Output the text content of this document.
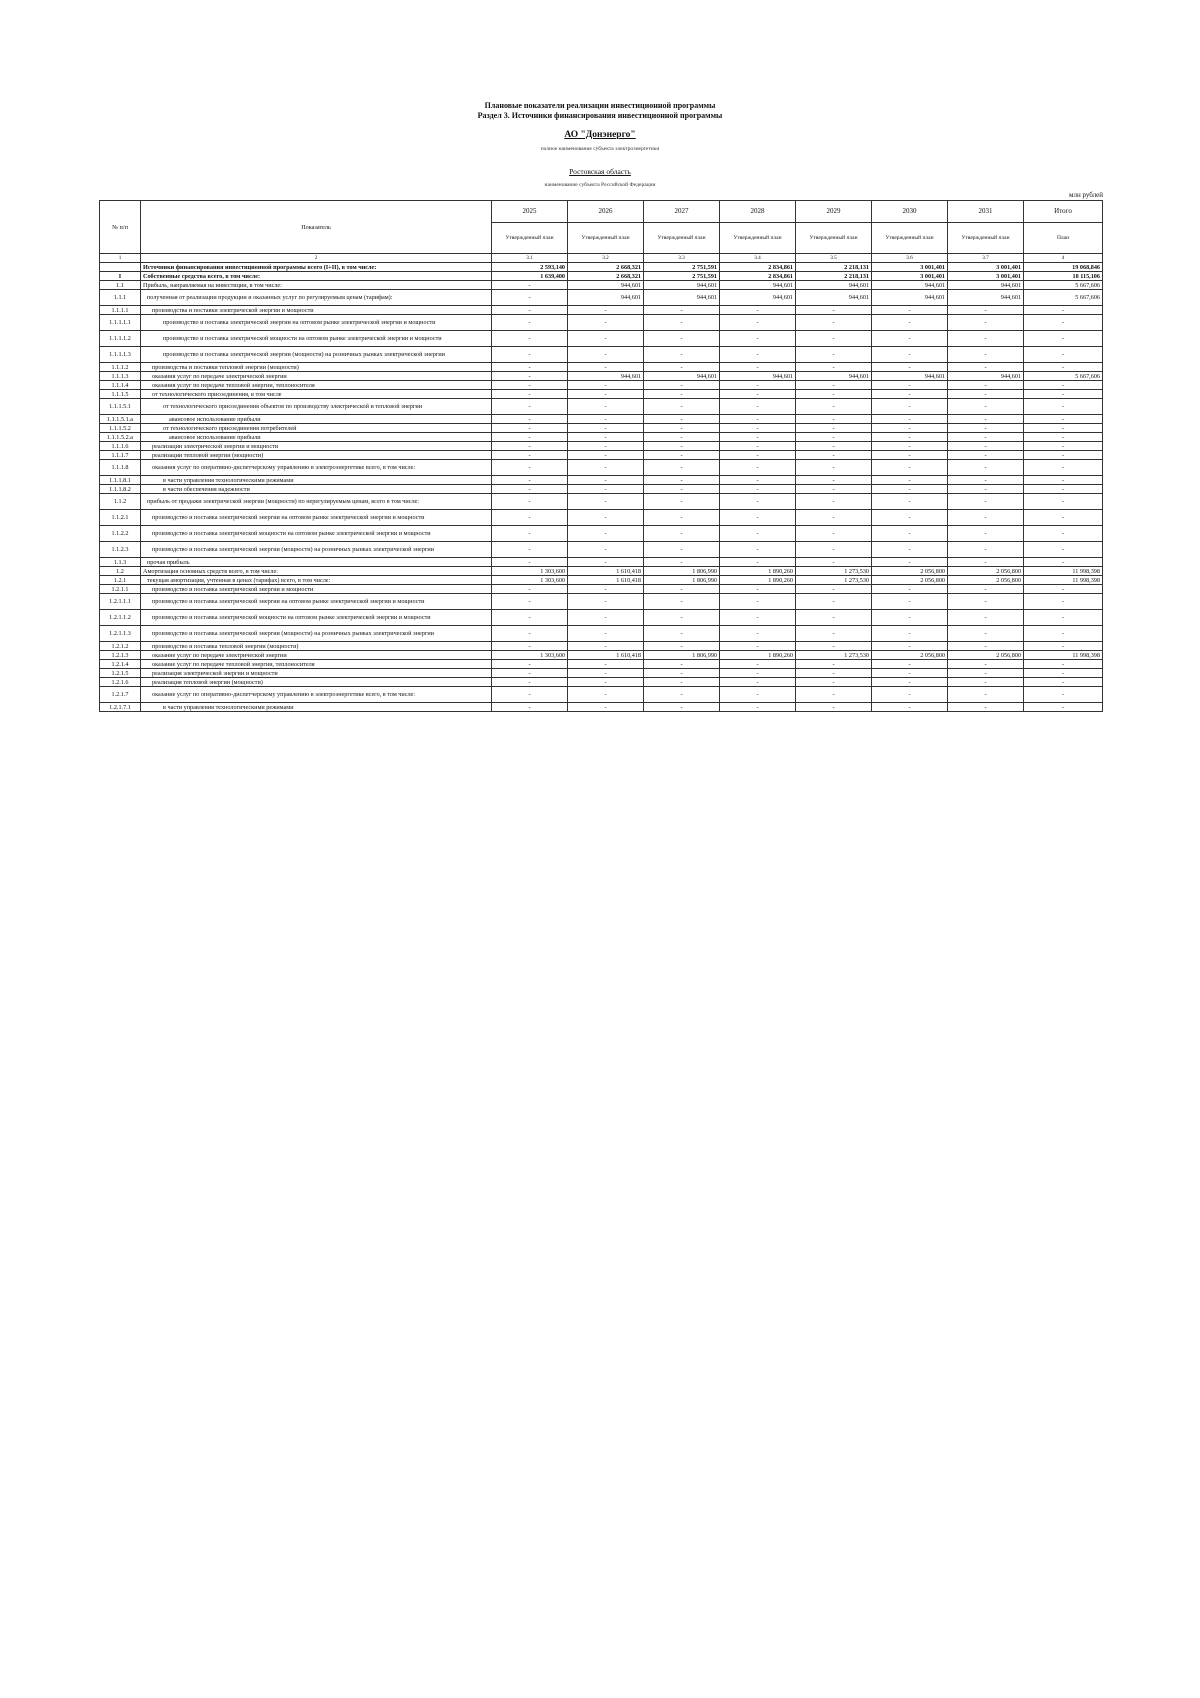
Плановые показатели реализации инвестиционной программы
Раздел 3. Источники финансирования инвестиционной программы
АО "Донэнерго"
полное наименование субъекта электроэнергетики
Ростовская область
наименование субъекта Российской Федерации
млн рублей
№ п/п	Показатель	2025	2026	2027	2028	2029	2030	2031	Итого
		Утвержденный план	Утвержденный план	Утвержденный план	Утвержденный план	Утвержденный план	Утвержденный план	Утвержденный план	План
1	2	3.1	3.2	3.3	3.4	3.5	3.6	3.7	4
	Источники финансирования инвестиционной программы всего (I+II), в том числе:	2 593,140	2 668,321	2 751,591	2 834,861	2 218,131	3 001,401	3 001,401	19 068,846
I	Собственные средства всего, в том числе:	1 639,400	2 668,321	2 751,591	2 834,861	2 218,131	3 001,401	3 001,401	18 115,106
1.1	Прибыль, направляемая на инвестиции, в том числе:	-	944,601	944,601	944,601	944,601	944,601	944,601	5 667,606
1.1.1	полученная от реализации продукции и оказанных услуг по регулируемым ценам (тарифам):	-	944,601	944,601	944,601	944,601	944,601	944,601	5 667,606
1.1.1.1	производства и поставки электрической энергии и мощности	-	-	-	-	-	-	-	-
1.1.1.1.1	производство и поставка электрической энергии на оптовом рынке электрической энергии и мощности	-	-	-	-	-	-	-	-
1.1.1.1.2	производство и поставка электрической мощности на оптовом рынке электрической энергии и мощности	-	-	-	-	-	-	-	-
1.1.1.1.3	производство и поставка электрической энергии (мощности) на розничных рынках электрической энергии	-	-	-	-	-	-	-	-
1.1.1.2	производства и поставки тепловой энергии (мощности)	-	-	-	-	-	-	-	-
1.1.1.3	оказания услуг по передаче электрической энергии	-	944,601	944,601	944,601	944,601	944,601	944,601	5 667,606
1.1.1.4	оказания услуг по передаче тепловой энергии, теплоносителя	-	-	-	-	-	-	-	-
1.1.1.5	от технологического присоединения, в том числе	-	-	-	-	-	-	-	-
1.1.1.5.1	от технологического присоединения объектов по производству электрической и тепловой энергии	-	-	-	-	-	-	-	-
1.1.1.5.1.а	авансовое использование прибыли	-	-	-	-	-	-	-	-
1.1.1.5.2	от технологического присоединения потребителей	-	-	-	-	-	-	-	-
1.1.1.5.2.а	авансовое использование прибыли	-	-	-	-	-	-	-	-
1.1.1.6	реализации электрической энергии и мощности	-	-	-	-	-	-	-	-
1.1.1.7	реализации тепловой энергии (мощности)	-	-	-	-	-	-	-	-
1.1.1.8	оказания услуг по оперативно-диспетчерскому управлению в электроэнергетике всего, в том числе:	-	-	-	-	-	-	-	-
1.1.1.8.1	в части управления технологическими режимами	-	-	-	-	-	-	-	-
1.1.1.8.2	в части обеспечения надежности	-	-	-	-	-	-	-	-
1.1.2	прибыль от продажи электрической энергии (мощности) по нерегулируемым ценам, всего в том числе:	-	-	-	-	-	-	-	-
1.1.2.1	производство и поставка электрической энергии на оптовом рынке электрической энергии и мощности	-	-	-	-	-	-	-	-
1.1.2.2	производство и поставка электрической мощности на оптовом рынке электрической энергии и мощности	-	-	-	-	-	-	-	-
1.1.2.3	производство и поставка электрической энергии (мощности) на розничных рынках электрической энергии	-	-	-	-	-	-	-	-
1.1.3	прочая прибыль	-	-	-	-	-	-	-	-
1.2	Амортизация основных средств всего, в том числе:	1 303,600	1 610,418	1 806,990	1 890,260	1 273,530	2 056,800	2 056,800	11 998,398
1.2.1	текущая амортизация, учтенная в ценах (тарифах) всего, в том числе:	1 303,600	1 610,418	1 806,990	1 890,260	1 273,530	2 056,800	2 056,800	11 998,398
1.2.1.1	производство и поставка электрической энергии и мощности	-	-	-	-	-	-	-	-
1.2.1.1.1	производство и поставка электрической энергии на оптовом рынке электрической энергии и мощности	-	-	-	-	-	-	-	-
1.2.1.1.2	производство и поставка электрической мощности на оптовом рынке электрической энергии и мощности	-	-	-	-	-	-	-	-
1.2.1.1.3	производство и поставка электрической энергии (мощности) на розничных рынках электрической энергии	-	-	-	-	-	-	-	-
1.2.1.2	производство и поставка тепловой энергии (мощности)	-	-	-	-	-	-	-	-
1.2.1.3	оказание услуг по передаче электрической энергии	1 303,600	1 610,418	1 806,990	1 890,260	1 273,530	2 056,800	2 056,800	11 998,398
1.2.1.4	оказание услуг по передаче тепловой энергии, теплоносителя	-	-	-	-	-	-	-	-
1.2.1.5	реализация электрической энергии и мощности	-	-	-	-	-	-	-	-
1.2.1.6	реализация тепловой энергии (мощности)	-	-	-	-	-	-	-	-
1.2.1.7	оказание услуг по оперативно-диспетчерскому управлению в электроэнергетике всего, в том числе:	-	-	-	-	-	-	-	-
1.2.1.7.1	в части управления технологическими режимами	-	-	-	-	-	-	-	-
